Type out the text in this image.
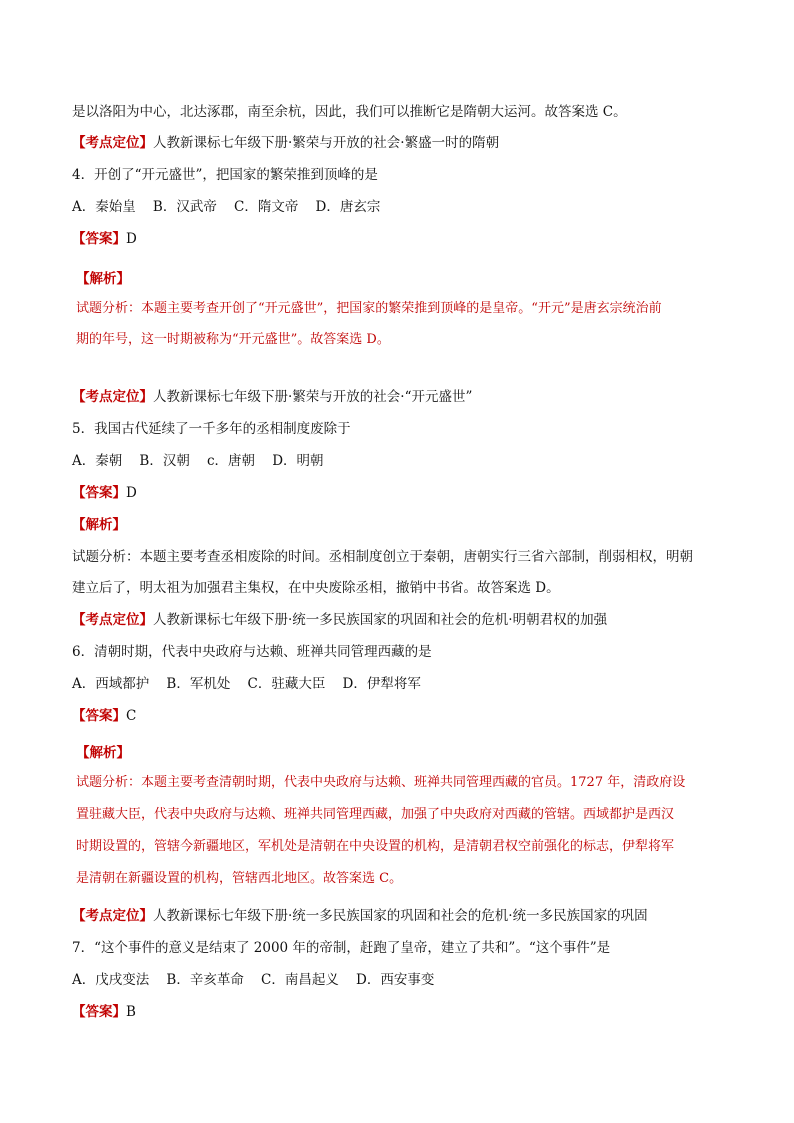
是以洛阳为中心，北达涿郡，南至余杭，因此，我们可以推断它是隋朝大运河。故答案选 C。
【考点定位】人教新课标七年级下册·繁荣与开放的社会·繁盛一时的隋朝
4．开创了“开元盛世”，把国家的繁荣推到顶峰的是
A．秦始皇    B．汉武帝    C．隋文帝    D．唐玄宗
【答案】D
【解析】
试题分析：本题主要考查开创了“开元盛世”，把国家的繁荣推到顶峰的是皇帝。“开元”是唐玄宗统治前
期的年号，这一时期被称为“开元盛世”。故答案选 D。
【考点定位】人教新课标七年级下册·繁荣与开放的社会·“开元盛世”
5．我国古代延续了一千多年的丞相制度废除于
A．秦朝    B．汉朝    c．唐朝    D．明朝
【答案】D
【解析】
试题分析：本题主要考查丞相废除的时间。丞相制度创立于秦朝，唐朝实行三省六部制，削弱相权，明朝
建立后了，明太祖为加强君主集权，在中央废除丞相，撤销中书省。故答案选 D。
【考点定位】人教新课标七年级下册·统一多民族国家的巩固和社会的危机·明朝君权的加强
6．清朝时期，代表中央政府与达赖、班禅共同管理西藏的是
A．西域都护    B．军机处    C．驻藏大臣    D．伊犁将军
【答案】C
【解析】
试题分析：本题主要考查清朝时期，代表中央政府与达赖、班禅共同管理西藏的官员。1727 年，清政府设
置驻藏大臣，代表中央政府与达赖、班禅共同管理西藏，加强了中央政府对西藏的管辖。西域都护是西汉
时期设置的，管辖今新疆地区，军机处是清朝在中央设置的机构，是清朝君权空前强化的标志，伊犁将军
是清朝在新疆设置的机构，管辖西北地区。故答案选 C。
【考点定位】人教新课标七年级下册·统一多民族国家的巩固和社会的危机·统一多民族国家的巩固
7．“这个事件的意义是结束了 2000 年的帝制，赶跑了皇帝，建立了共和”。“这个事件”是
A．戊戌变法    B．辛亥革命    C．南昌起义    D．西安事变
【答案】B
